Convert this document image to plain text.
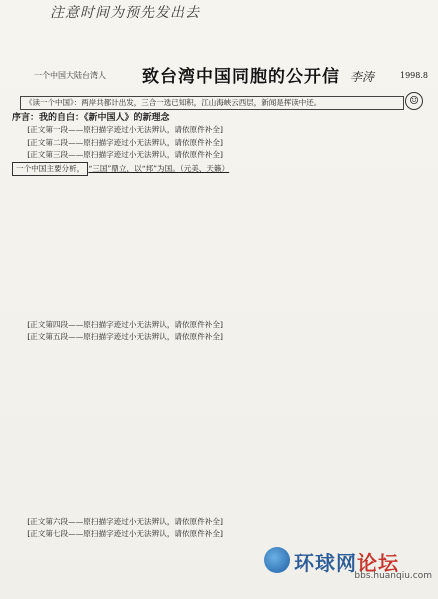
注意时间为预先发出去
一个中国大陆台湾人 致台湾中国同胞的公开信 李涛	1998.8
《读一个中国》：两岸共都计出发，三合一选已知积，江山海峡云西层，新闻是挥读中还。	☺

序言：我的自白：《新中国人》的新理念

[正文第一段——原扫描字迹过小无法辨认，请依原件补全]

[正文第二段——原扫描字迹过小无法辨认，请依原件补全]

[正文第三段——原扫描字迹过小无法辨认，请依原件补全]

一个中国主要分析， “三国”鼎立，以“邦”为国。（元美、天籁）

[正文第四段——原扫描字迹过小无法辨认，请依原件补全]

[正文第五段——原扫描字迹过小无法辨认，请依原件补全]

[正文第六段——原扫描字迹过小无法辨认，请依原件补全]

[正文第七段——原扫描字迹过小无法辨认，请依原件补全]

环球网论坛
bbs.huanqiu.com
